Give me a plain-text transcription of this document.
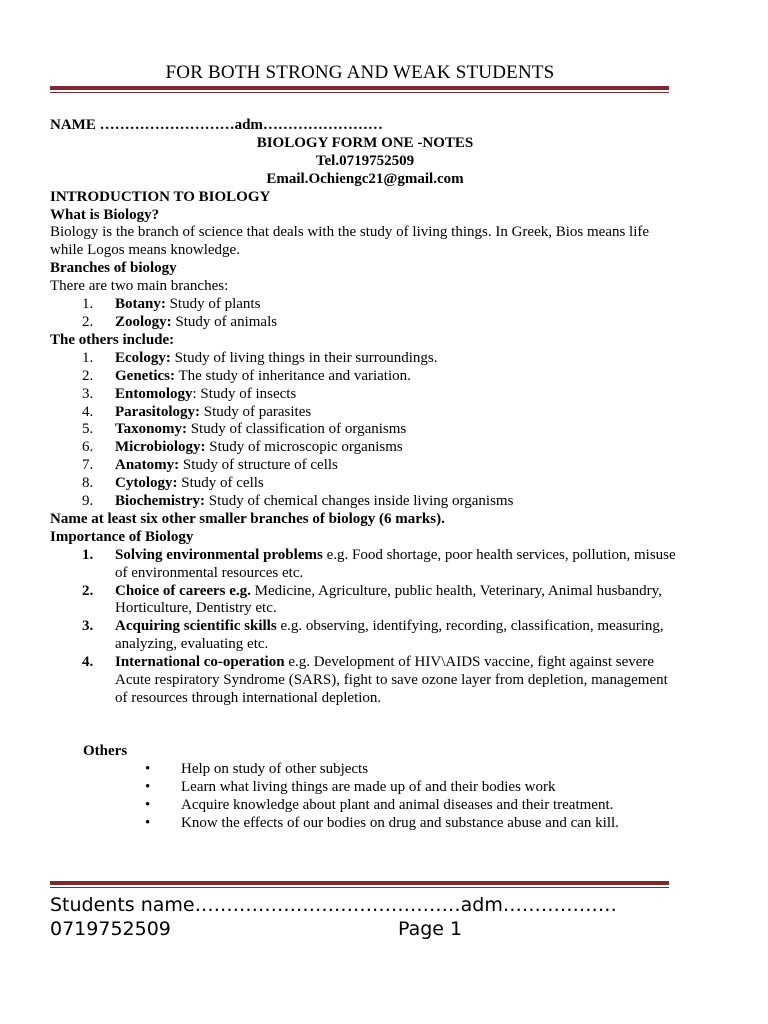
FOR BOTH STRONG AND WEAK STUDENTS
NAME ………………………adm……………………
BIOLOGY FORM ONE -NOTES
Tel.0719752509
Email.Ochiengc21@gmail.com
INTRODUCTION TO BIOLOGY
What is Biology?
Biology is the branch of science that deals with the study of living things. In Greek, Bios means life while Logos means knowledge.
Branches of biology
There are two main branches:
1.	Botany: Study of plants
2.	Zoology: Study of animals
The others include:
1.	Ecology: Study of living things in their surroundings.
2.	Genetics: The study of inheritance and variation.
3.	Entomology: Study of insects
4.	Parasitology: Study of parasites
5.	Taxonomy: Study of classification of organisms
6.	Microbiology: Study of microscopic organisms
7.	Anatomy: Study of structure of cells
8.	Cytology: Study of cells
9.	Biochemistry: Study of chemical changes inside living organisms
Name at least six other smaller branches of biology (6 marks).
Importance of Biology
1.	Solving environmental problems e.g. Food shortage, poor health services, pollution, misuse of environmental resources etc.
2.	Choice of careers e.g. Medicine, Agriculture, public health, Veterinary, Animal husbandry, Horticulture, Dentistry etc.
3.	Acquiring scientific skills e.g. observing, identifying, recording, classification, measuring, analyzing, evaluating etc.
4.	International co-operation e.g. Development of HIV\AIDS vaccine, fight against severe Acute respiratory Syndrome (SARS), fight to save ozone layer from depletion, management of resources through international depletion.
Others
•	Help on study of other subjects
•	Learn what living things are made up of and their bodies work
•	Acquire knowledge about plant and animal diseases and their treatment.
•	Know the effects of our bodies on drug and substance abuse and can kill.
Students name……………………………………adm………………
0719752509	Page 1
